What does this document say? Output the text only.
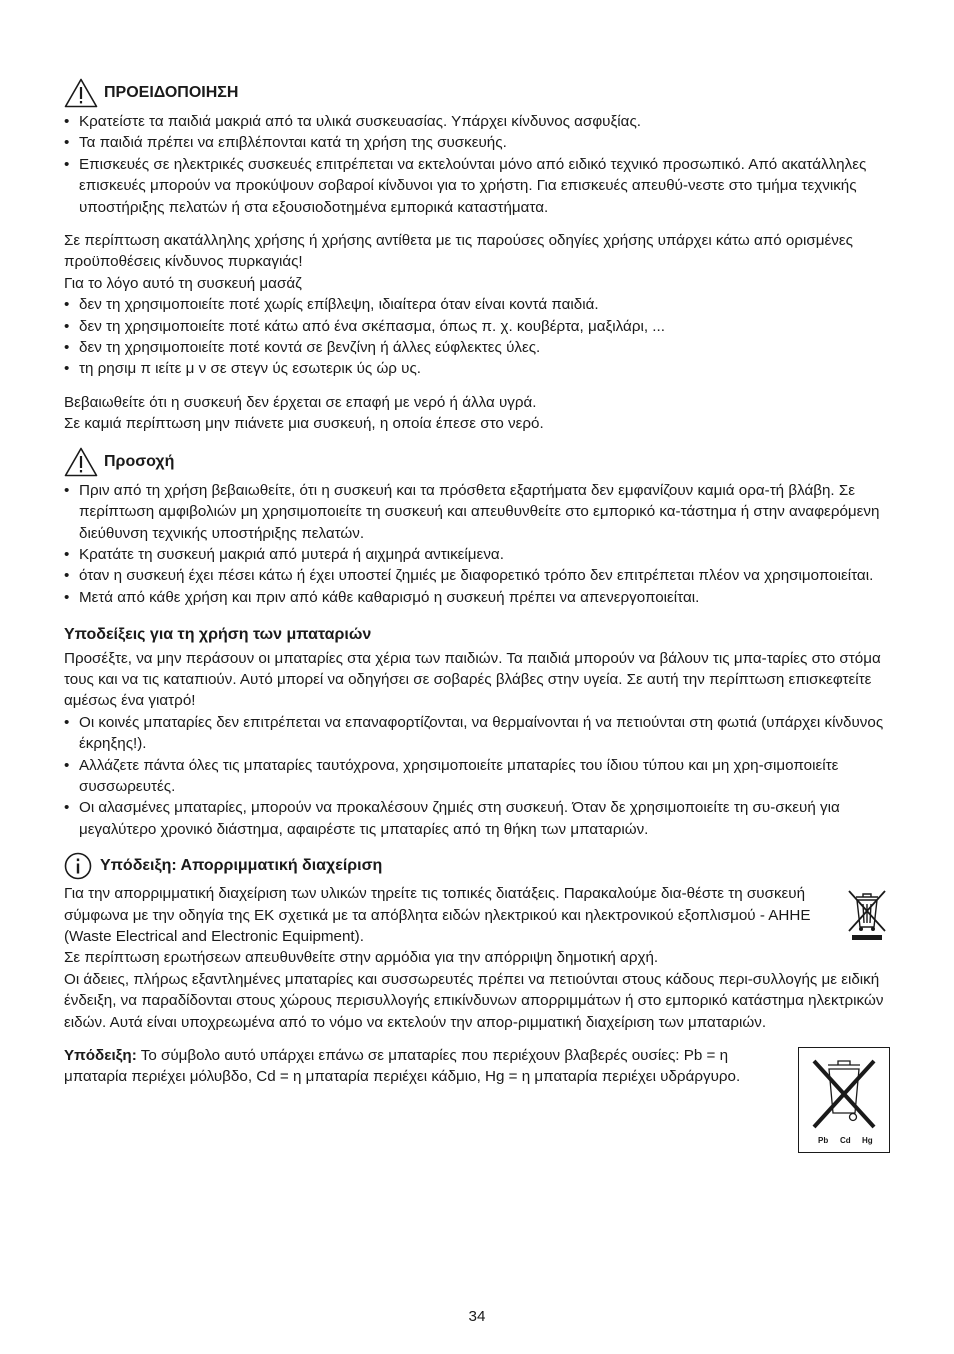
ΠΡΟΕΙΔΟΠΟΙΗΣΗ
• Κρατείστε τα παιδιά μακριά από τα υλικά συσκευασίας. Υπάρχει κίνδυνος ασφυξίας.
• Τα παιδιά πρέπει να επιβλέπονται κατά τη χρήση της συσκευής.
• Επισκευές σε ηλεκτρικές συσκευές επιτρέπεται να εκτελούνται μόνο από ειδικό τεχνικό προσωπικό. Από ακατάλληλες επισκευές μπορούν να προκύψουν σοβαροί κίνδυνοι για το χρήστη. Για επισκευές απευθύ-νεστε στο τμήμα τεχνικής υποστήριξης πελατών ή στα εξουσιοδοτημένα εμπορικά καταστήματα.

Σε περίπτωση ακατάλληλης χρήσης ή χρήσης αντίθετα με τις παρούσες οδηγίες χρήσης υπάρχει κάτω από ορισμένες προϋποθέσεις κίνδυνος πυρκαγιάς!

Για το λόγο αυτό τη συσκευή μασάζ

• δεν τη χρησιμοποιείτε ποτέ χωρίς επίβλεψη, ιδιαίτερα όταν είναι κοντά παιδιά.
• δεν τη χρησιμοποιείτε ποτέ κάτω από ένα σκέπασμα, όπως π. χ. κουβέρτα, μαξιλάρι, ...
• δεν τη χρησιμοποιείτε ποτέ κοντά σε βενζίνη ή άλλες εύφλεκτες ύλες.
• τη ρησιμ π ιείτε μ ν σε στεγν ύς εσωτερικ ύς ώρ υς.

Βεβαιωθείτε ότι η συσκευή δεν έρχεται σε επαφή με νερό ή άλλα υγρά.

Σε καμιά περίπτωση μην πιάνετε μια συσκευή, η οποία έπεσε στο νερό.

Προσοχή
• Πριν από τη χρήση βεβαιωθείτε, ότι η συσκευή και τα πρόσθετα εξαρτήματα δεν εμφανίζουν καμιά ορα-τή βλάβη. Σε περίπτωση αμφιβολιών μη χρησιμοποιείτε τη συσκευή και απευθυνθείτε στο εμπορικό κα-τάστημα ή στην αναφερόμενη διεύθυνση τεχνικής υποστήριξης πελατών.
• Κρατάτε τη συσκευή μακριά από μυτερά ή αιχμηρά αντικείμενα.
• όταν η συσκευή έχει πέσει κάτω ή έχει υποστεί ζημιές με διαφορετικό τρόπο δεν επιτρέπεται πλέον να χρησιμοποιείται.
• Μετά από κάθε χρήση και πριν από κάθε καθαρισμό η συσκευή πρέπει να απενεργοποιείται.
Υποδείξεις για τη χρήση των μπαταριών

Προσέξτε, να μην περάσουν οι μπαταρίες στα χέρια των παιδιών. Τα παιδιά μπορούν να βάλουν τις μπα-ταρίες στο στόμα τους και να τις καταπιούν. Αυτό μπορεί να οδηγήσει σε σοβαρές βλάβες στην υγεία. Σε αυτή την περίπτωση επισκεφτείτε αμέσως ένα γιατρό!

• Οι κοινές μπαταρίες δεν επιτρέπεται να επαναφορτίζονται, να θερμαίνονται ή να πετιούνται στη φωτιά (υπάρχει κίνδυνος έκρηξης!).
• Αλλάζετε πάντα όλες τις μπαταρίες ταυτόχρονα, χρησιμοποιείτε μπαταρίες του ίδιου τύπου και μη χρη-σιμοποιείτε συσσωρευτές.
• Οι αλασμένες μπαταρίες, μπορούν να προκαλέσουν ζημιές στη συσκευή. Όταν δε χρησιμοποιείτε τη συ-σκευή για μεγαλύτερο χρονικό διάστημα, αφαιρέστε τις μπαταρίες από τη θήκη των μπαταριών.
Υπόδειξη: Απορριμματική διαχείριση

Για την απορριμματική διαχείριση των υλικών τηρείτε τις τοπικές διατάξεις. Παρακαλούμε δια-θέστε τη συσκευή σύμφωνα με την οδηγία της ΕΚ σχετικά με τα απόβλητα ειδών ηλεκτρικού και ηλεκτρονικού εξοπλισμού - ΑΗΗΕ (Waste Electrical and Electronic Equipment).

Σε περίπτωση ερωτήσεων απευθυνθείτε στην αρμόδια για την απόρριψη δημοτική αρχή.

Οι άδειες, πλήρως εξαντλημένες μπαταρίες και συσσωρευτές πρέπει να πετιούνται στους κάδους περι-συλλογής με ειδική ένδειξη, να παραδίδονται στους χώρους περισυλλογής επικίνδυνων απορριμμάτων ή στο εμπορικό κατάστημα ηλεκτρικών ειδών. Αυτά είναι υποχρεωμένα από το νόμο να εκτελούν την απορ-ριμματική διαχείριση των μπαταριών.

Υπόδειξη: Το σύμβολο αυτό υπάρχει επάνω σε μπαταρίες που περιέχουν βλαβερές ουσίες: Pb = η μπαταρία περιέχει μόλυβδο, Cd = η μπαταρία περιέχει κάδμιο, Hg = η μπαταρία περιέχει υδράργυρο.

Pb Cd Hg
34
